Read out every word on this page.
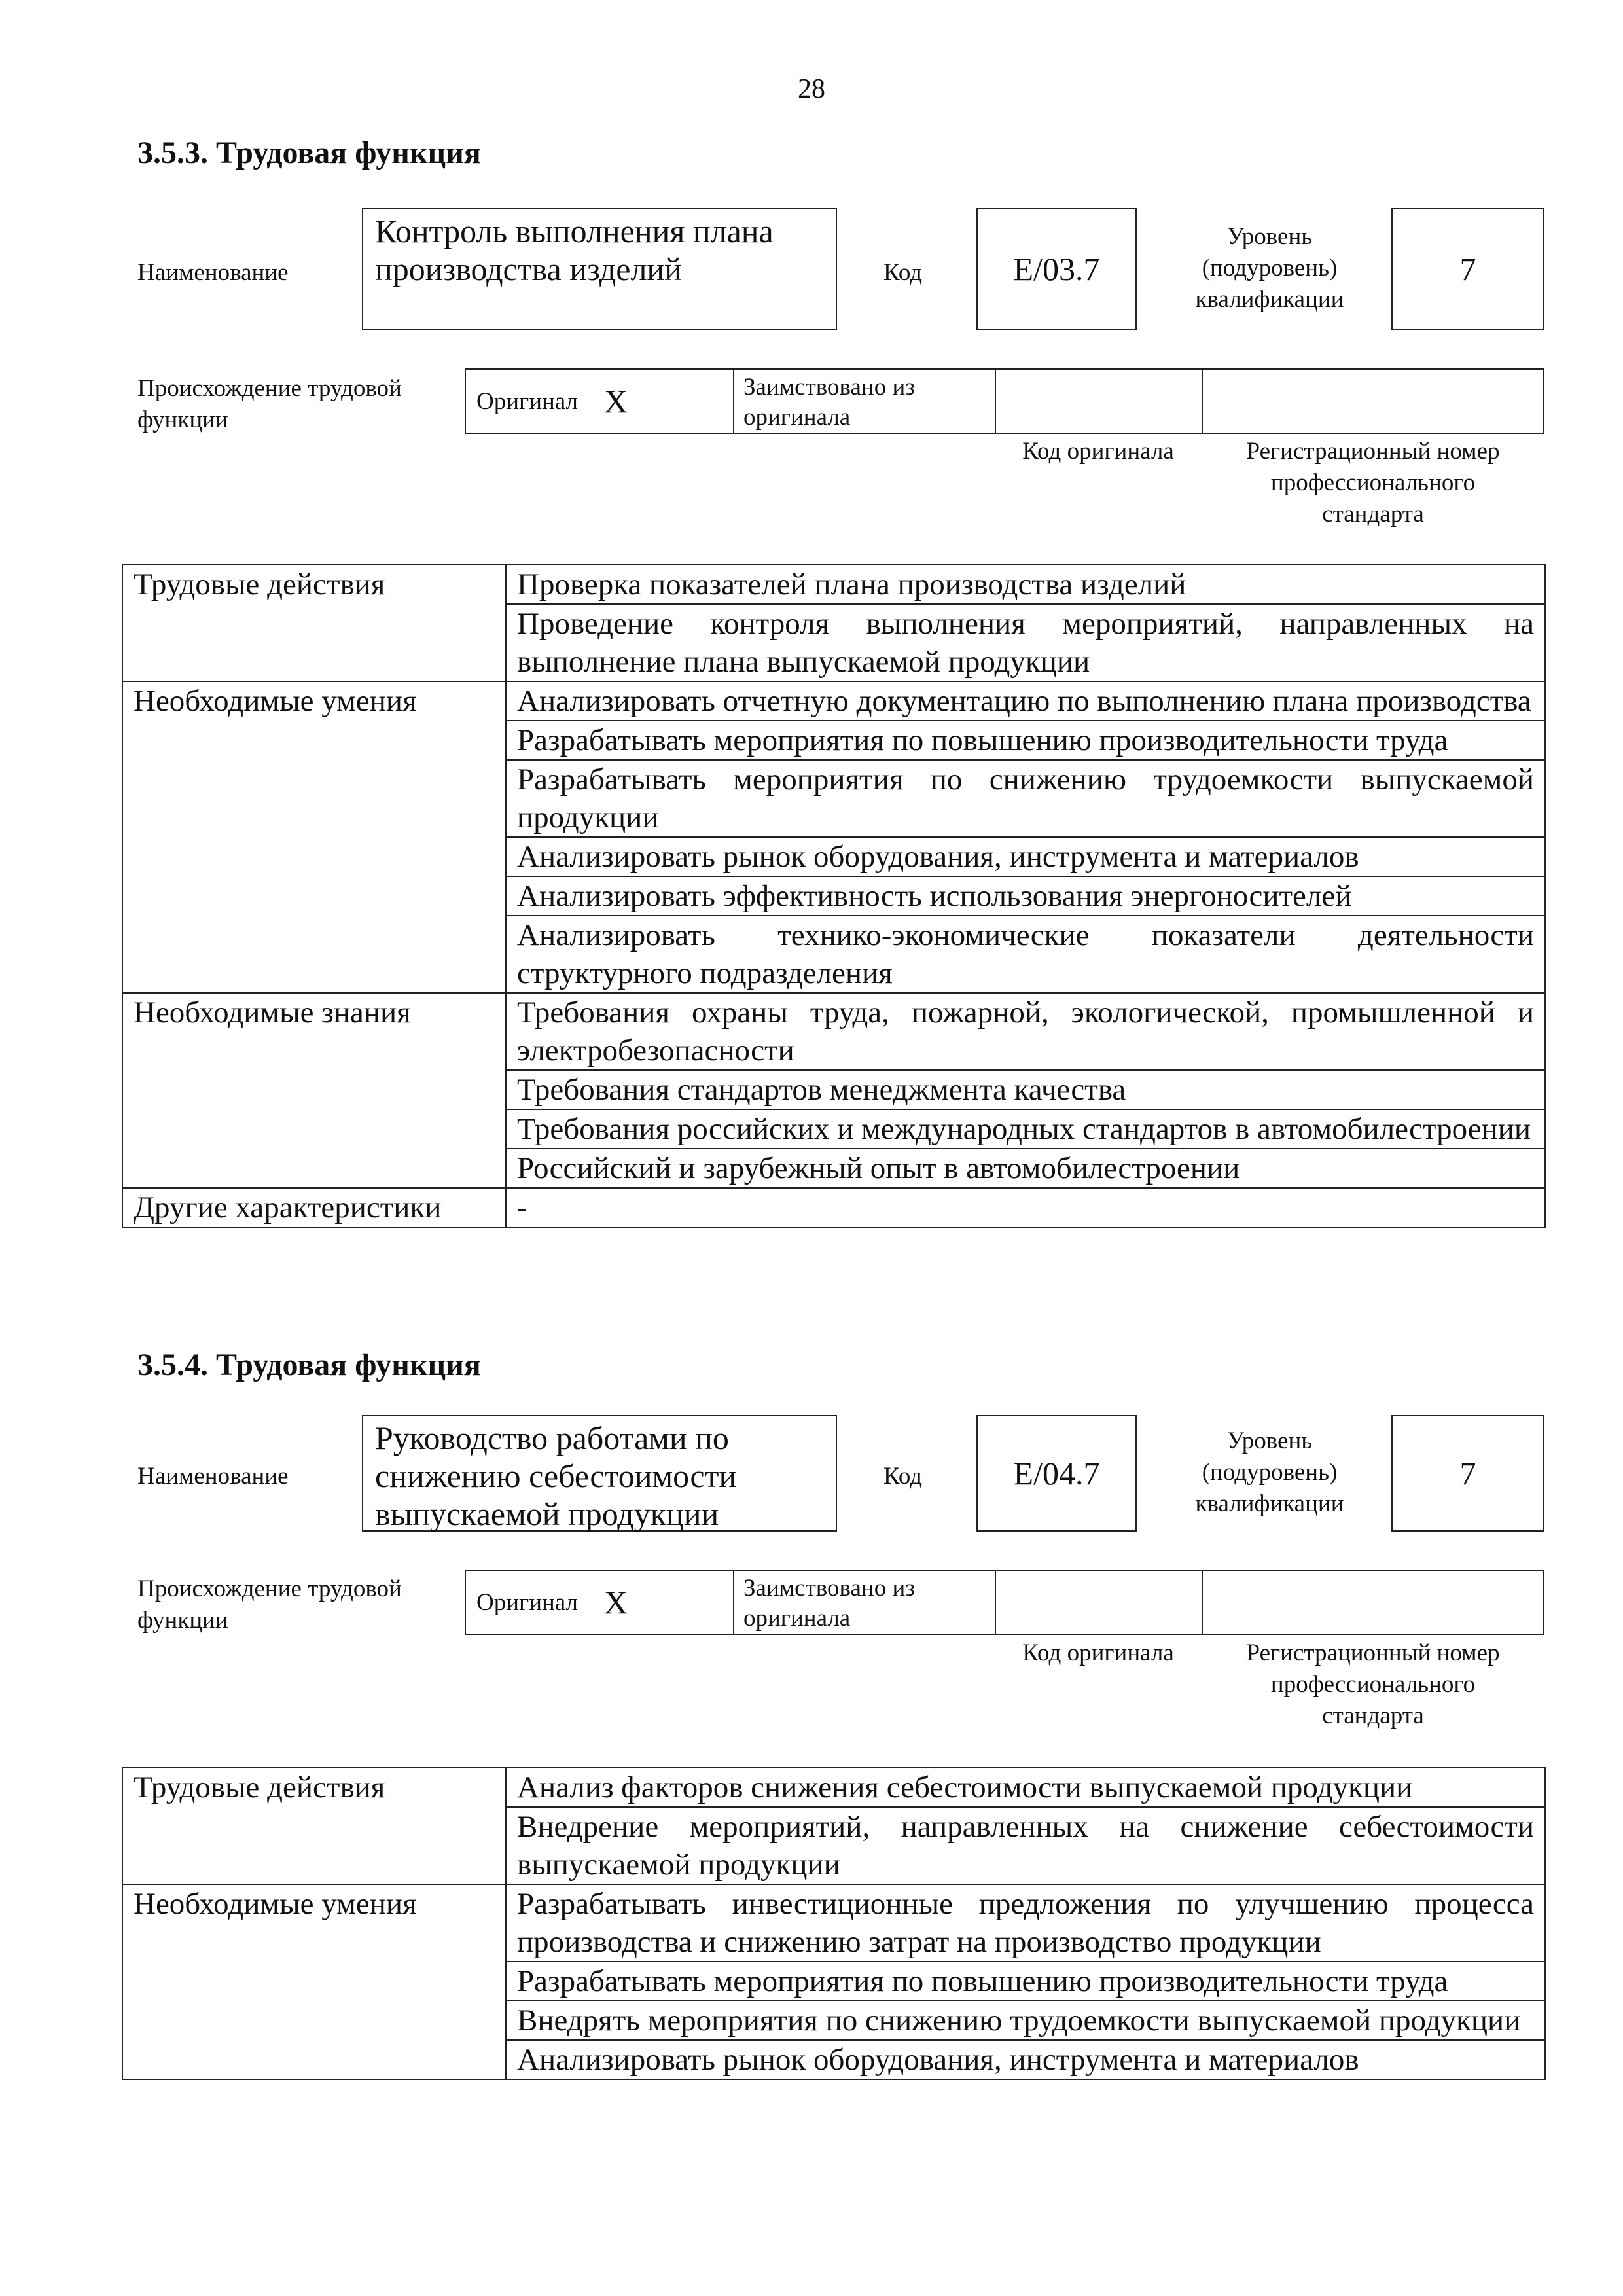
28
3.5.3. Трудовая функция
Наименование
Контроль выполнения плана
производства изделий	Код	E/03.7
Уровень
(подуровень)
квалификации
7
Происхождение трудовой
функции
Оригинал X	Заимствовано из
оригинала
Код оригинала	Регистрационный номер
профессионального
стандарта
Трудовые действия	Проверка показателей плана производства изделий
	Проведение контроля выполнения мероприятий, направленных на выполнение плана выпускаемой продукции
Необходимые умения	Анализировать отчетную документацию по выполнению плана производства
	Разрабатывать мероприятия по повышению производительности труда
	Разрабатывать мероприятия по снижению трудоемкости выпускаемой продукции
	Анализировать рынок оборудования, инструмента и материалов
	Анализировать эффективность использования энергоносителей
	Анализировать технико-экономические показатели деятельности структурного подразделения
Необходимые знания	Требования охраны труда, пожарной, экологической, промышленной и электробезопасности
	Требования стандартов менеджмента качества
	Требования российских и международных стандартов в автомобилестроении
	Российский и зарубежный опыт в автомобилестроении
Другие характеристики	-
3.5.4. Трудовая функция
Наименование
Руководство работами по
снижению себестоимости
выпускаемой продукции
Код	E/04.7
Уровень
(подуровень)
квалификации
7
Происхождение трудовой
функции
Оригинал X	Заимствовано из
оригинала
Код оригинала	Регистрационный номер
профессионального
стандарта
Трудовые действия	Анализ факторов снижения себестоимости выпускаемой продукции
	Внедрение мероприятий, направленных на снижение себестоимости выпускаемой продукции
Необходимые умения	Разрабатывать инвестиционные предложения по улучшению процесса производства и снижению затрат на производство продукции
	Разрабатывать мероприятия по повышению производительности труда
	Внедрять мероприятия по снижению трудоемкости выпускаемой продукции
	Анализировать рынок оборудования, инструмента и материалов
